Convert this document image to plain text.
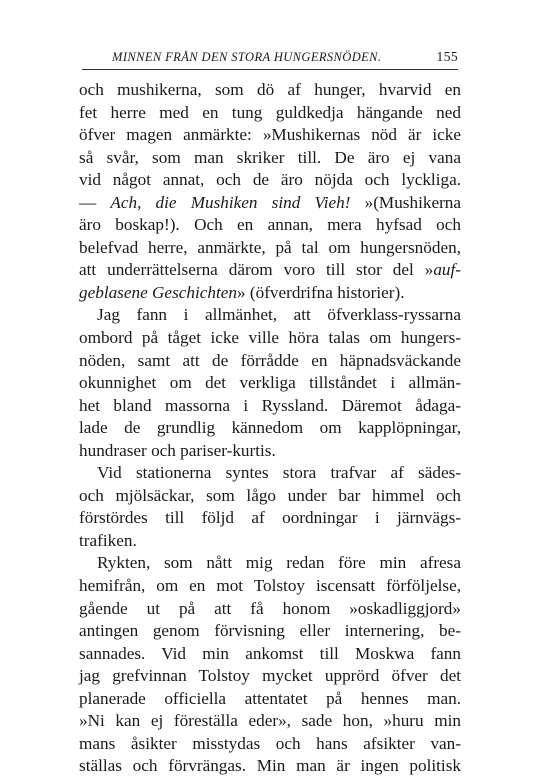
MINNEN FRÅN DEN STORA HUNGERSNÖDEN.	155
och mushikerna, som dö af hunger, hvarvid en
fet herre med en tung guldkedja hängande ned
öfver magen anmärkte: »Mushikernas nöd är icke
så svår, som man skriker till. De äro ej vana
vid något annat, och de äro nöjda och lyckliga.
— Ach, die Mushiken sind Vieh! »(Mushikerna
äro boskap!). Och en annan, mera hyfsad och
belefvad herre, anmärkte, på tal om hungersnöden,
att underrättelserna därom voro till stor del »auf-
geblasene Geschichten» (öfverdrifna historier).
Jag fann i allmänhet, att öfverklass-ryssarna
ombord på tåget icke ville höra talas om hungers-
nöden, samt att de förrådde en häpnadsväckande
okunnighet om det verkliga tillståndet i allmän-
het bland massorna i Ryssland. Däremot ådaga-
lade de grundlig kännedom om kapplöpningar,
hundraser och pariser-kurtis.
Vid stationerna syntes stora trafvar af sädes-
och mjölsäckar, som lågo under bar himmel och
förstördes till följd af oordningar i järnvägs-
trafiken.
Rykten, som nått mig redan före min afresa
hemifrån, om en mot Tolstoy iscensatt förföljelse,
gående ut på att få honom »oskadliggjord»
antingen genom förvisning eller internering, be-
sannades. Vid min ankomst till Moskwa fann
jag grefvinnan Tolstoy mycket upprörd öfver det
planerade officiella attentatet på hennes man.
»Ni kan ej föreställa eder», sade hon, »huru min
mans åsikter misstydas och hans afsikter van-
ställas och förvrängas. Min man är ingen politisk
